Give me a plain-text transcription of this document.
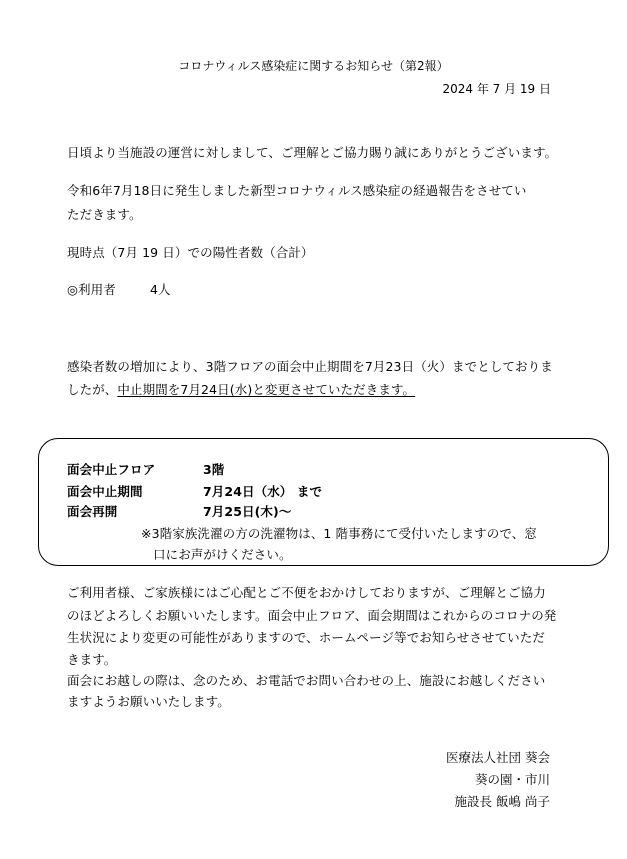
コロナウィルス感染症に関するお知らせ（第2報）
2024 年 7 月 19 日
日頃より当施設の運営に対しまして、ご理解とご協力賜り誠にありがとうございます。
令和6年7月18日に発生しました新型コロナウィルス感染症の経過報告をさせてい
ただきます。
現時点（7月 19 日）での陽性者数（合計）
◎利用者	4人
感染者数の増加により、3階フロアの面会中止期間を7月23日（火）までとしておりま
したが、中止期間を7月24日(水)と変更させていただきます。
面会中止フロア	3階
面会中止期間	7月24日（水） まで
面会再開	7月25日(木)～
※3階家族洗濯の方の洗濯物は、1 階事務にて受付いたしますので、窓
口にお声がけください。
ご利用者様、ご家族様にはご心配とご不便をおかけしておりますが、ご理解とご協力
のほどよろしくお願いいたします。面会中止フロア、面会期間はこれからのコロナの発
生状況により変更の可能性がありますので、ホームページ等でお知らせさせていただ
きます。
面会にお越しの際は、念のため、お電話でお問い合わせの上、施設にお越しください
ますようお願いいたします。
医療法人社団 葵会
葵の園・市川
施設長 飯嶋 尚子
